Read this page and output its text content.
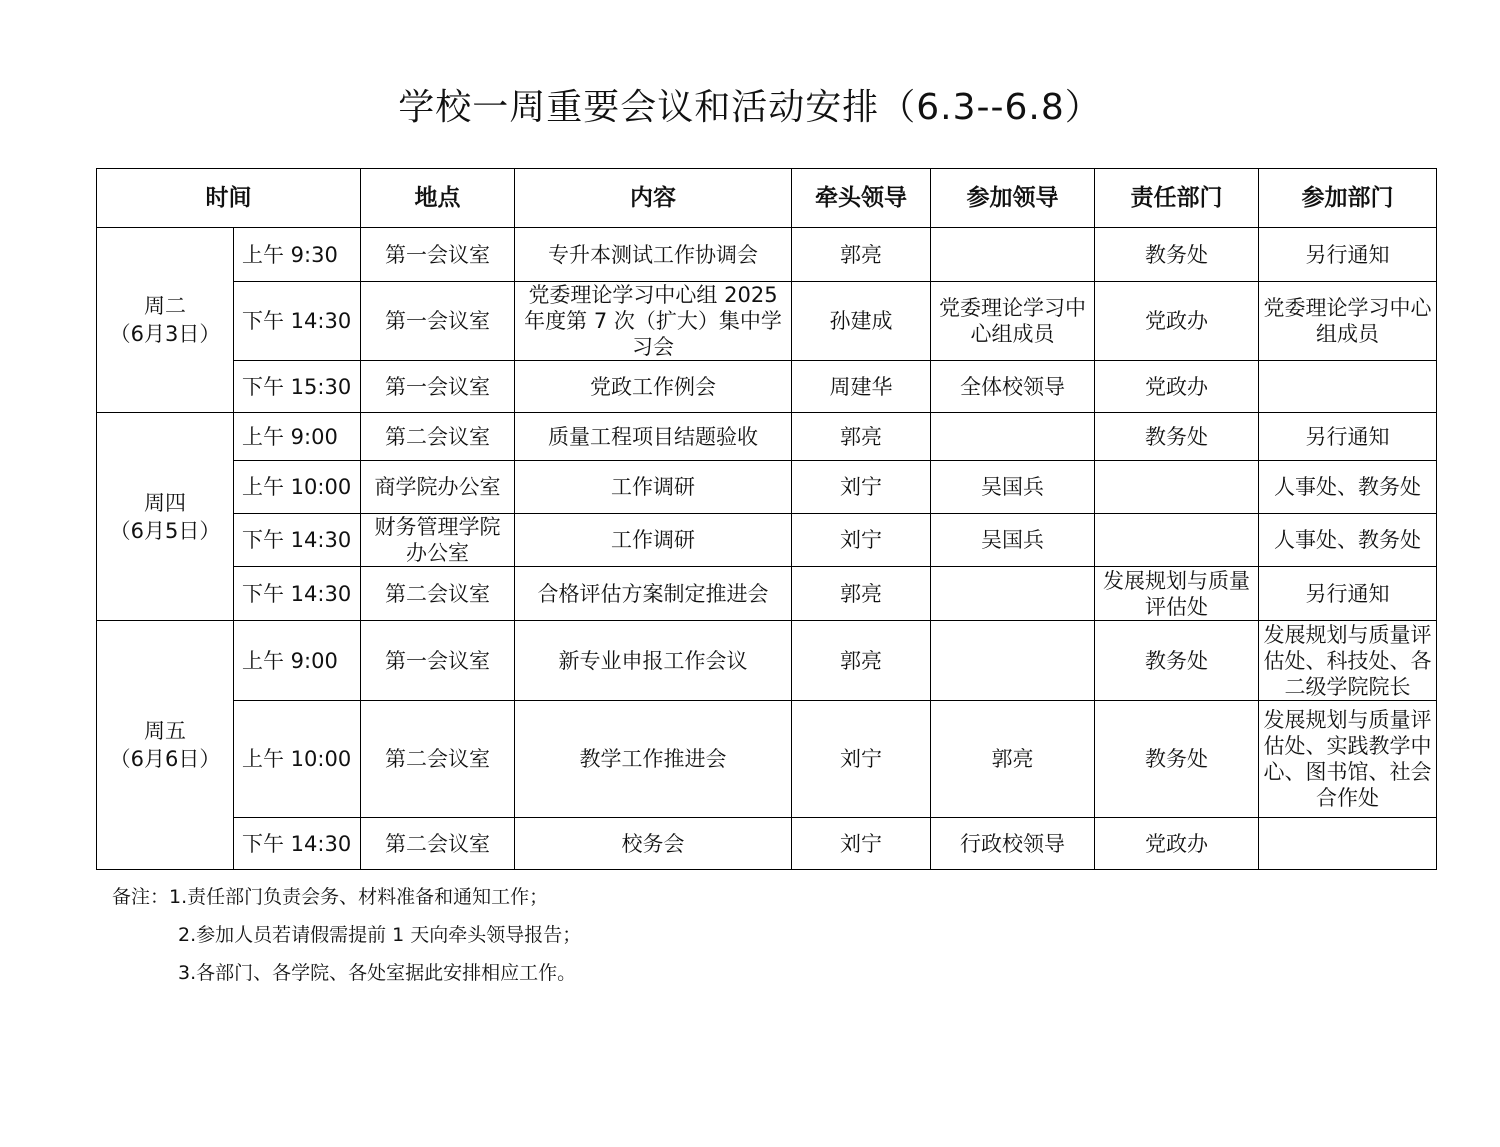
学校一周重要会议和活动安排（6.3--6.8）
时间		地点	内容	牵头领导	参加领导	责任部门	参加部门

周二
（6月3日）	上午 9:30	第一会议室	专升本测试工作协调会	郭亮		教务处	另行通知
	下午 14:30	第一会议室	党委理论学习中心组 2025 年度第 7 次（扩大）集中学习会	孙建成	党委理论学习中心组成员	党政办	党委理论学习中心组成员
	下午 15:30	第一会议室	党政工作例会	周建华	全体校领导	党政办	

周四
（6月5日）	上午 9:00	第二会议室	质量工程项目结题验收	郭亮		教务处	另行通知
	上午 10:00	商学院办公室	工作调研	刘宁	吴国兵		人事处、教务处
	下午 14:30	财务管理学院办公室	工作调研	刘宁	吴国兵		人事处、教务处
	下午 14:30	第二会议室	合格评估方案制定推进会	郭亮		发展规划与质量评估处	另行通知

周五
（6月6日）	上午 9:00	第一会议室	新专业申报工作会议	郭亮		教务处	发展规划与质量评估处、科技处、各二级学院院长
	上午 10:00	第二会议室	教学工作推进会	刘宁	郭亮	教务处	发展规划与质量评估处、实践教学中心、图书馆、社会合作处
	下午 14:30	第二会议室	校务会	刘宁	行政校领导	党政办	
备注：1.责任部门负责会务、材料准备和通知工作；
2.参加人员若请假需提前 1 天向牵头领导报告；
3.各部门、各学院、各处室据此安排相应工作。
